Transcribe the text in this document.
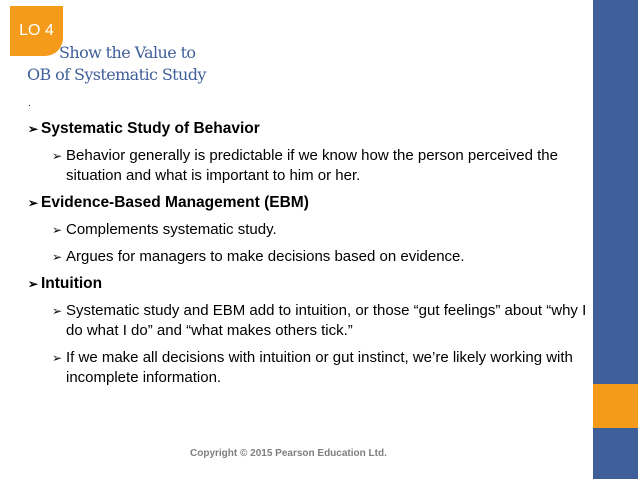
Show the Value to
OB of Systematic Study
LO 4
.
➢ Systematic Study of Behavior
➢ Behavior generally is predictable if we know how the person perceived the situation and what is important to him or her.
➢ Evidence-Based Management (EBM)
➢ Complements systematic study.
➢ Argues for managers to make decisions based on evidence.
➢ Intuition
➢ Systematic study and EBM add to intuition, or those “gut feelings” about “why I do what I do” and “what makes others tick.”
➢ If we make all decisions with intuition or gut instinct, we’re likely working with incomplete information.
Copyright © 2015 Pearson Education Ltd.
